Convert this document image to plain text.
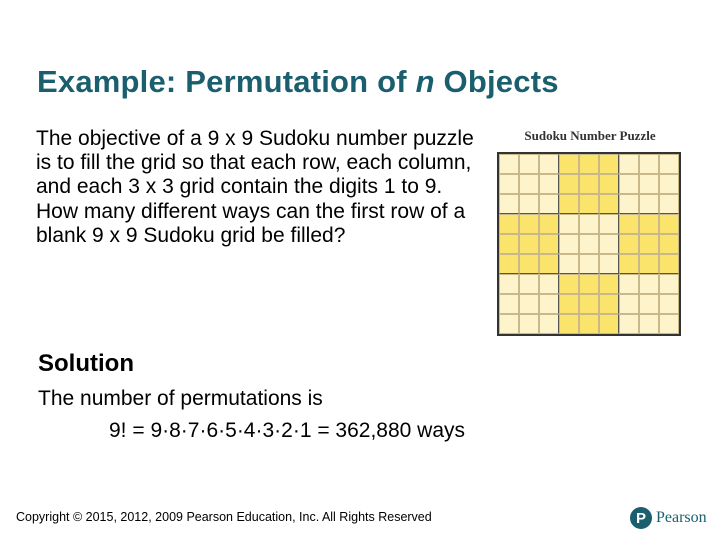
Example: Permutation of n Objects
The objective of a 9 x 9 Sudoku number puzzle is to fill the grid so that each row, each column, and each 3 x 3 grid contain the digits 1 to 9. How many different ways can the first row of a blank 9 x 9 Sudoku grid be filled?
Sudoku Number Puzzle
Solution
The number of permutations is
9! = 9·8·7·6·5·4·3·2·1 = 362,880 ways
Copyright © 2015, 2012, 2009 Pearson Education, Inc. All Rights Reserved	P Pearson
